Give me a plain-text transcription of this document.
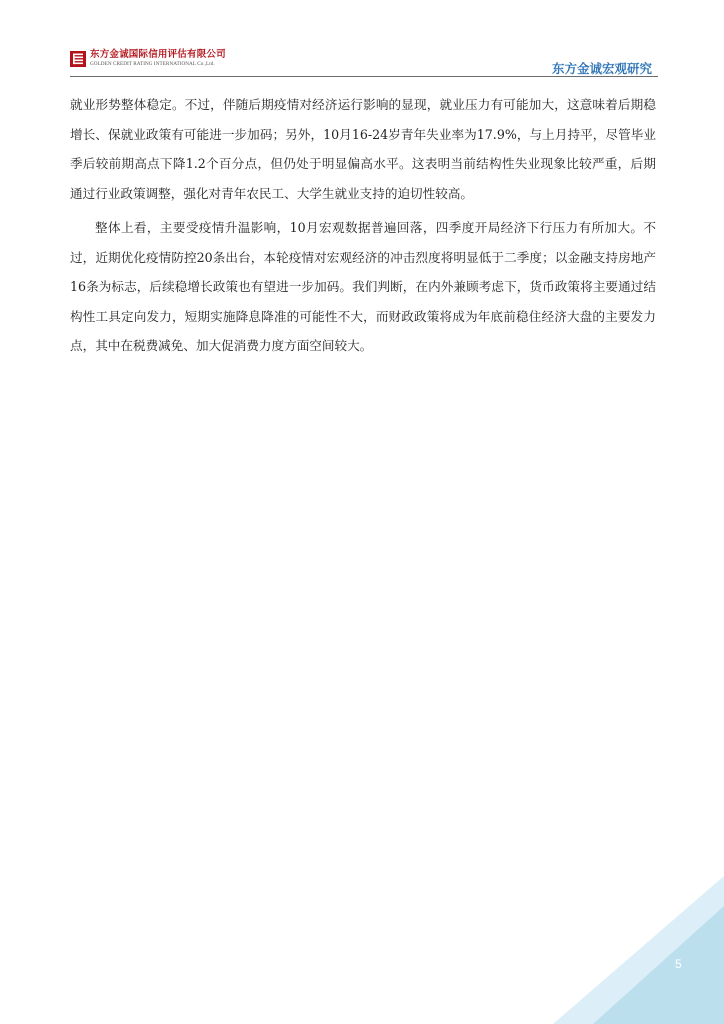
东方金诚国际信用评估有限公司
GOLDEN CREDIT RATING INTERNATIONAL Co.,Ltd.	东方金诚宏观研究

就业形势整体稳定。不过，伴随后期疫情对经济运行影响的显现，就业压力有可能加大，这意味着后期稳增长、保就业政策有可能进一步加码；另外，10月16-24岁青年失业率为17.9%，与上月持平，尽管毕业季后较前期高点下降1.2个百分点，但仍处于明显偏高水平。这表明当前结构性失业现象比较严重，后期通过行业政策调整，强化对青年农民工、大学生就业支持的迫切性较高。

整体上看，主要受疫情升温影响，10月宏观数据普遍回落，四季度开局经济下行压力有所加大。不过，近期优化疫情防控20条出台，本轮疫情对宏观经济的冲击烈度将明显低于二季度；以金融支持房地产16条为标志，后续稳增长政策也有望进一步加码。我们判断，在内外兼顾考虑下，货币政策将主要通过结构性工具定向发力，短期实施降息降准的可能性不大，而财政政策将成为年底前稳住经济大盘的主要发力点，其中在税费减免、加大促消费力度方面空间较大。

5
